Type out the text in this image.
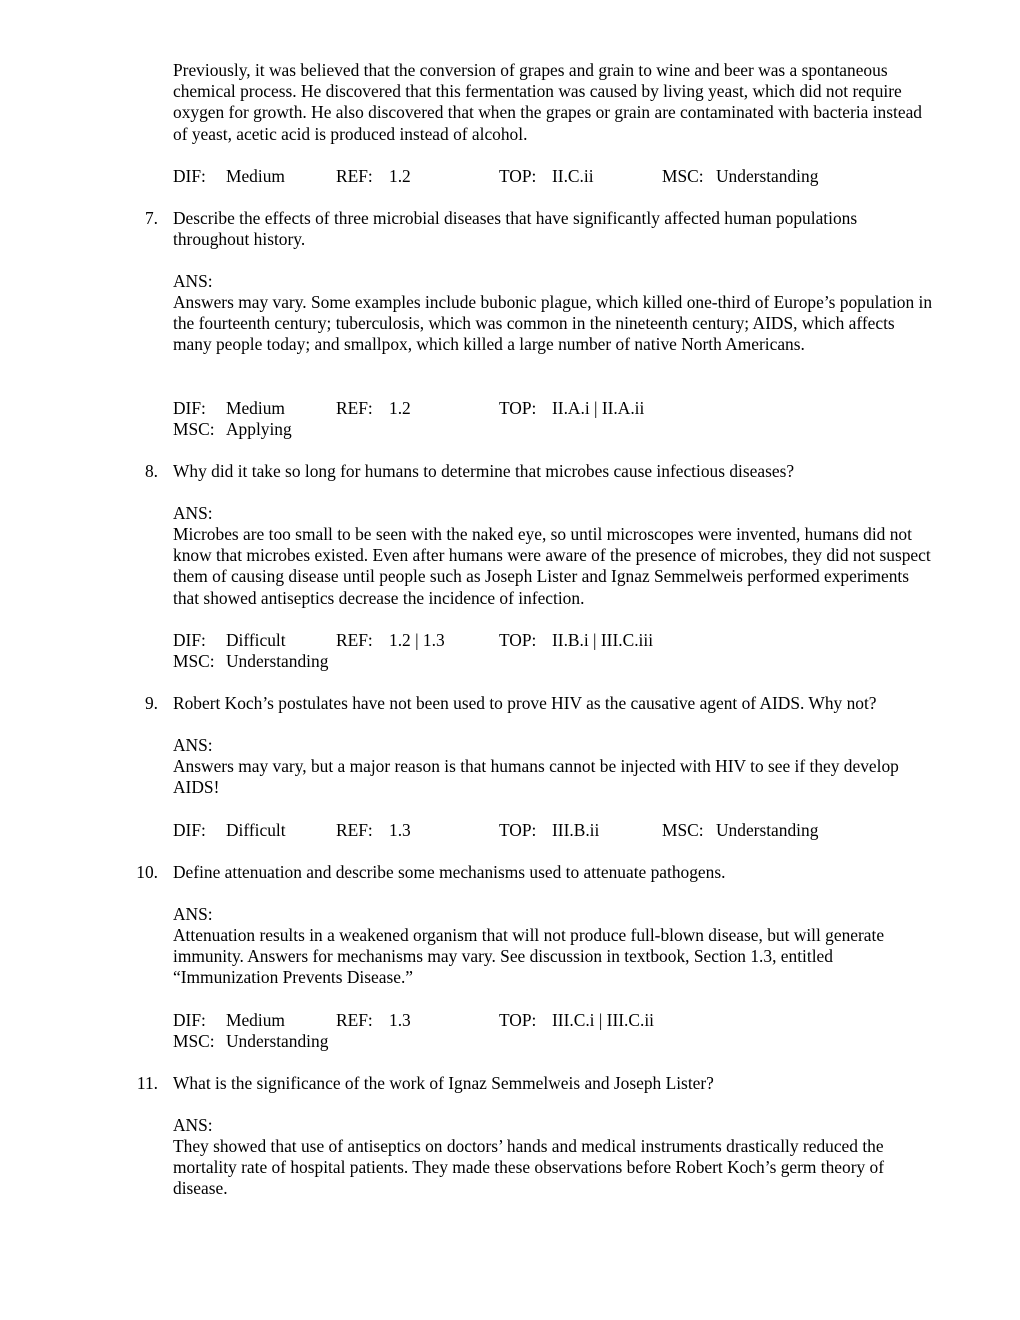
Previously, it was believed that the conversion of grapes and grain to wine and beer was a spontaneous chemical process. He discovered that this fermentation was caused by living yeast, which did not require oxygen for growth. He also discovered that when the grapes or grain are contaminated with bacteria instead of yeast, acetic acid is produced instead of alcohol.

DIF: Medium	REF: 1.2	TOP: II.C.ii	MSC: Understanding
7. Describe the effects of three microbial diseases that have significantly affected human populations throughout history.

ANS:

Answers may vary. Some examples include bubonic plague, which killed one-third of Europe’s population in the fourteenth century; tuberculosis, which was common in the nineteenth century; AIDS, which affects many people today; and smallpox, which killed a large number of native North Americans.

DIF: Medium	REF: 1.2	TOP: II.A.i | II.A.ii
MSC: Applying
8. Why did it take so long for humans to determine that microbes cause infectious diseases?

ANS:

Microbes are too small to be seen with the naked eye, so until microscopes were invented, humans did not know that microbes existed. Even after humans were aware of the presence of microbes, they did not suspect them of causing disease until people such as Joseph Lister and Ignaz Semmelweis performed experiments that showed antiseptics decrease the incidence of infection.

DIF: Difficult	REF: 1.2 | 1.3	TOP: II.B.i | III.C.iii
MSC: Understanding
9. Robert Koch’s postulates have not been used to prove HIV as the causative agent of AIDS. Why not?

ANS:

Answers may vary, but a major reason is that humans cannot be injected with HIV to see if they develop AIDS!

DIF: Difficult	REF: 1.3	TOP: III.B.ii	MSC: Understanding
10. Define attenuation and describe some mechanisms used to attenuate pathogens.

ANS:

Attenuation results in a weakened organism that will not produce full-blown disease, but will generate immunity. Answers for mechanisms may vary. See discussion in textbook, Section 1.3, entitled “Immunization Prevents Disease.”

DIF: Medium	REF: 1.3	TOP: III.C.i | III.C.ii
MSC: Understanding
11. What is the significance of the work of Ignaz Semmelweis and Joseph Lister?

ANS:

They showed that use of antiseptics on doctors’ hands and medical instruments drastically reduced the mortality rate of hospital patients. They made these observations before Robert Koch’s germ theory of disease.
